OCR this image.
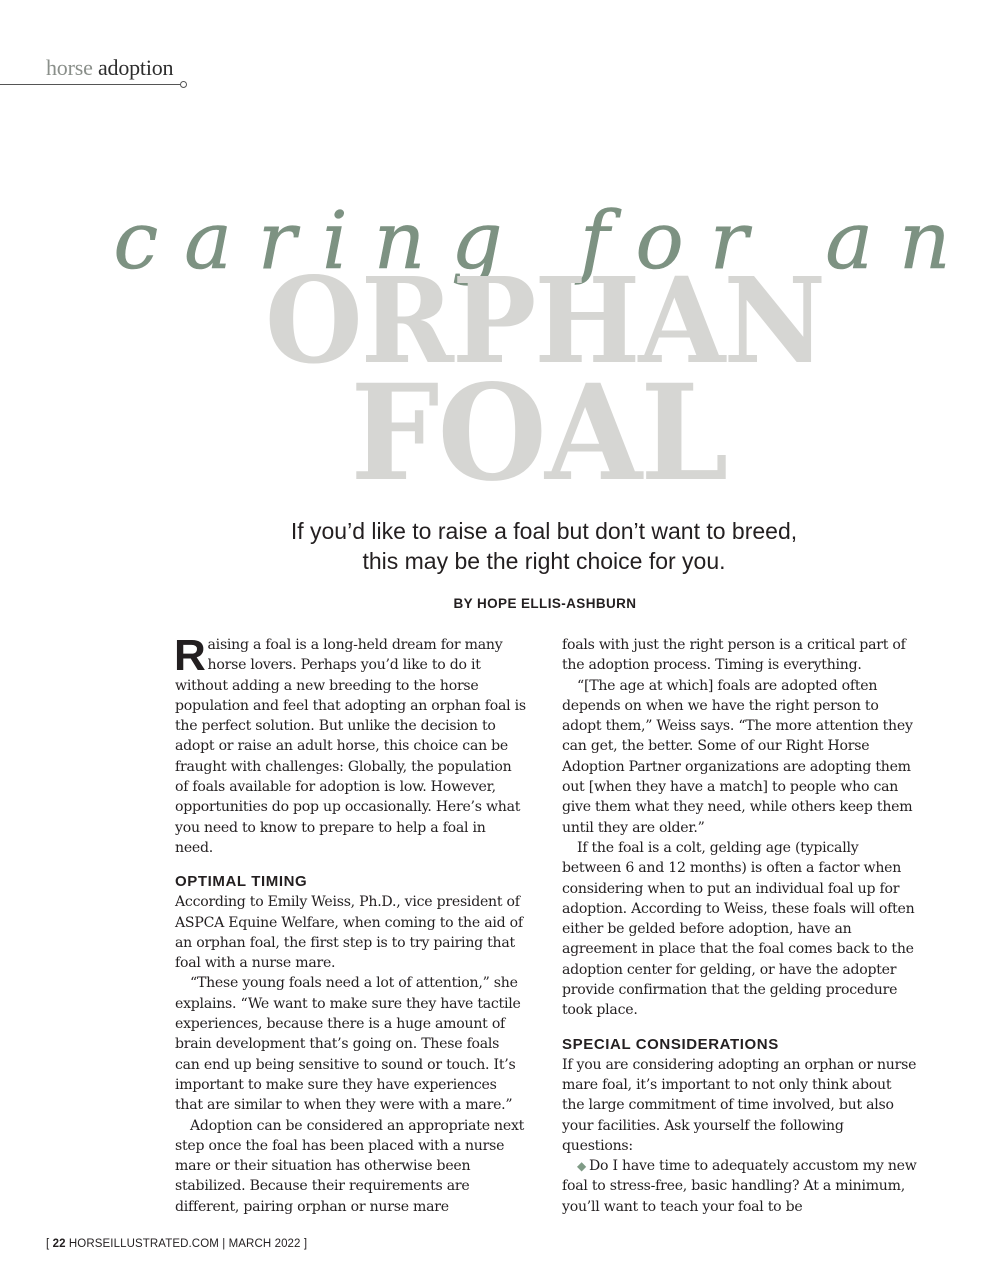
horse adoption
caring for an
ORPHAN
FOAL
If you’d like to raise a foal but don’t want to breed,
this may be the right choice for you.
BY HOPE ELLIS-ASHBURN

Raising a foal is a long-held dream for many horse lovers. Perhaps you’d like to do it without adding a new breeding to the horse population and feel that adopting an orphan foal is the perfect solution. But unlike the decision to adopt or raise an adult horse, this choice can be fraught with challenges: Globally, the population of foals available for adoption is low. However, opportunities do pop up occasionally. Here’s what you need to know to prepare to help a foal in need.

OPTIMAL TIMING

According to Emily Weiss, Ph.D., vice president of ASPCA Equine Welfare, when coming to the aid of an orphan foal, the first step is to try pairing that foal with a nurse mare.

“These young foals need a lot of attention,” she explains. “We want to make sure they have tactile experiences, because there is a huge amount of brain development that’s going on. These foals can end up being sensitive to sound or touch. It’s important to make sure they have experiences that are similar to when they were with a mare.”

Adoption can be considered an appropriate next step once the foal has been placed with a nurse mare or their situation has otherwise been stabilized. Because their requirements are different, pairing orphan or nurse mare

foals with just the right person is a critical part of the adoption process. Timing is everything.

“[The age at which] foals are adopted often depends on when we have the right person to adopt them,” Weiss says. “The more attention they can get, the better. Some of our Right Horse Adoption Partner organizations are adopting them out [when they have a match] to people who can give them what they need, while others keep them until they are older.”

If the foal is a colt, gelding age (typically between 6 and 12 months) is often a factor when considering when to put an individual foal up for adoption. According to Weiss, these foals will often either be gelded before adoption, have an agreement in place that the foal comes back to the adoption center for gelding, or have the adopter provide confirmation that the gelding procedure took place.

SPECIAL CONSIDERATIONS

If you are considering adopting an orphan or nurse mare foal, it’s important to not only think about the large commitment of time involved, but also your facilities. Ask yourself the following questions:

◆ Do I have time to adequately accustom my new foal to stress-free, basic handling? At a minimum, you’ll want to teach your foal to be

[ 22 HORSEILLUSTRATED.COM | MARCH 2022 ]
